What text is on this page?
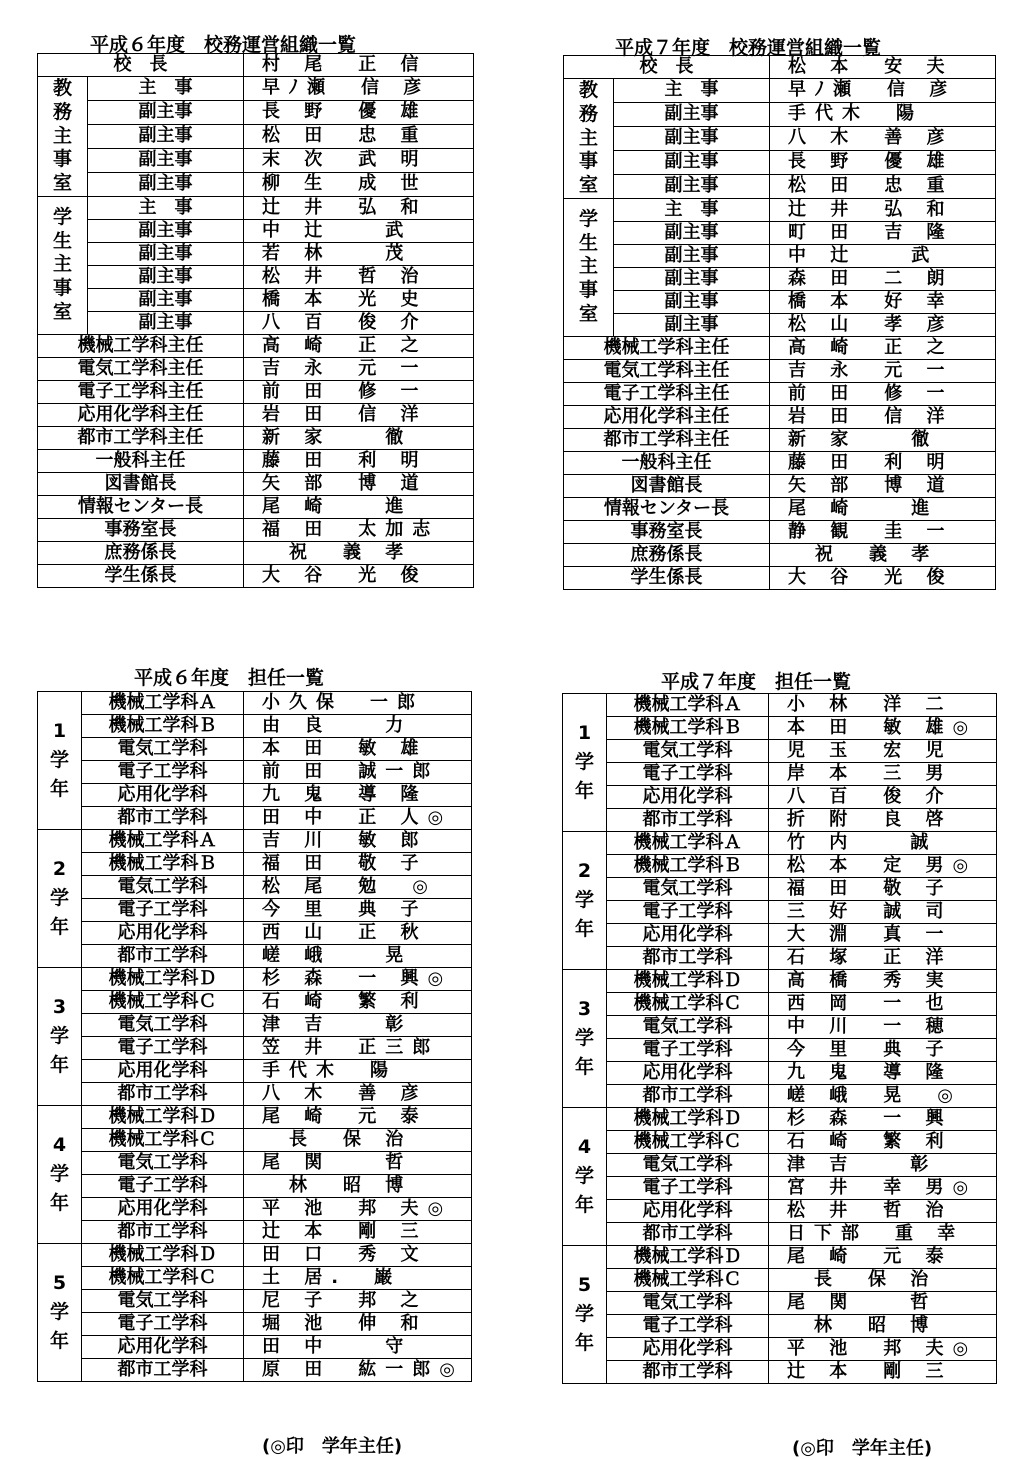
平成６年度　校務運営組織一覧
校　長		村 尾　正 信

教
務
主
事
室	主　事	早ﾉ瀬　信 彦
	副主事	長 野　優 雄
	副主事	松 田　忠 重
	副主事	末 次　武 明
	副主事	柳 生　成 世

学
生
主
事
室	主　事	辻 井　弘 和
	副主事	中 辻　　武
	副主事	若 林　　茂
	副主事	松 井　哲 治
	副主事	橋 本　光 史
	副主事	八 百　俊 介
機械工学科主任		高 崎　正 之
電気工学科主任		吉 永　元 一
電子工学科主任		前 田　修 一
応用化学科主任		岩 田　信 洋
都市工学科主任		新 家　　徹
一般科主任		藤 田　利 明
図書館長		矢 部　博 道
情報センター長		尾 崎　　進
事務室長		福 田　太加志
庶務係長		　祝　義 孝
学生係長		大 谷　光 俊
平成７年度　校務運営組織一覧
校　長		松 本　安 夫

教
務
主
事
室	主　事	早ﾉ瀬　信 彦
	副主事	手代木　陽
	副主事	八 木　善 彦
	副主事	長 野　優 雄
	副主事	松 田　忠 重

学
生
主
事
室	主　事	辻 井　弘 和
	副主事	町 田　吉 隆
	副主事	中 辻　　武
	副主事	森 田　二 朗
	副主事	橋 本　好 幸
	副主事	松 山　孝 彦
機械工学科主任		高 崎　正 之
電気工学科主任		吉 永　元 一
電子工学科主任		前 田　修 一
応用化学科主任		岩 田　信 洋
都市工学科主任		新 家　　徹
一般科主任		藤 田　利 明
図書館長		矢 部　博 道
情報センター長		尾 崎　　進
事務室長		静 観　圭 一
庶務係長		　祝　義 孝
学生係長		大 谷　光 俊
平成６年度　担任一覧
1
学
年	機械工学科Ａ	小久保　一郎
	機械工学科Ｂ	由 良　　力
	電気工学科	本 田　敏 雄
	電子工学科	前 田　誠一郎
	応用化学科	九 鬼　導 隆
	都市工学科	田 中　正 人◎

2
学
年	機械工学科Ａ	吉 川　敏 郎
	機械工学科Ｂ	福 田　敬 子
	電気工学科	松 尾　勉　◎
	電子工学科	今 里　典 子
	応用化学科	西 山　正 秋
	都市工学科	嵯 峨　　晃

3
学
年	機械工学科Ｄ	杉 森　一 興◎
	機械工学科Ｃ	石 崎　繁 利
	電気工学科	津 吉　　彰
	電子工学科	笠 井　正三郎
	応用化学科	手代木　陽
	都市工学科	八 木　善 彦

4
学
年	機械工学科Ｄ	尾 崎　元 泰
	機械工学科Ｃ	　長　保 治
	電気工学科	尾 関　　哲
	電子工学科	　林　昭 博
	応用化学科	平 池　邦 夫◎
	都市工学科	辻 本　剛 三

5
学
年	機械工学科Ｄ	田 口　秀 文
	機械工学科Ｃ	土 居.　巌
	電気工学科	尼 子　邦 之
	電子工学科	堀 池　伸 和
	応用化学科	田 中　　守
	都市工学科	原 田　紘一郎◎
(◎印　学年主任)
平成７年度　担任一覧
1
学
年	機械工学科Ａ	小 林　洋 二
	機械工学科Ｂ	本 田　敏 雄◎
	電気工学科	児 玉　宏 児
	電子工学科	岸 本　三 男
	応用化学科	八 百　俊 介
	都市工学科	折 附　良 啓

2
学
年	機械工学科Ａ	竹 内　　誠
	機械工学科Ｂ	松 本　定 男◎
	電気工学科	福 田　敬 子
	電子工学科	三 好　誠 司
	応用化学科	大 淵　真 一
	都市工学科	石 塚　正 洋

3
学
年	機械工学科Ｄ	高 橋　秀 実
	機械工学科Ｃ	西 岡　一 也
	電気工学科	中 川　一 穂
	電子工学科	今 里　典 子
	応用化学科	九 鬼　導 隆
	都市工学科	嵯 峨　晃　◎

4
学
年	機械工学科Ｄ	杉 森　一 興
	機械工学科Ｃ	石 崎　繁 利
	電気工学科	津 吉　　彰
	電子工学科	宮 井　幸 男◎
	応用化学科	松 井　哲 治
	都市工学科	日下部　重 幸

5
学
年	機械工学科Ｄ	尾 崎　元 泰
	機械工学科Ｃ	　長　保 治
	電気工学科	尾 関　　哲
	電子工学科	　林　昭 博
	応用化学科	平 池　邦 夫◎
	都市工学科	辻 本　剛 三
(◎印　学年主任)
